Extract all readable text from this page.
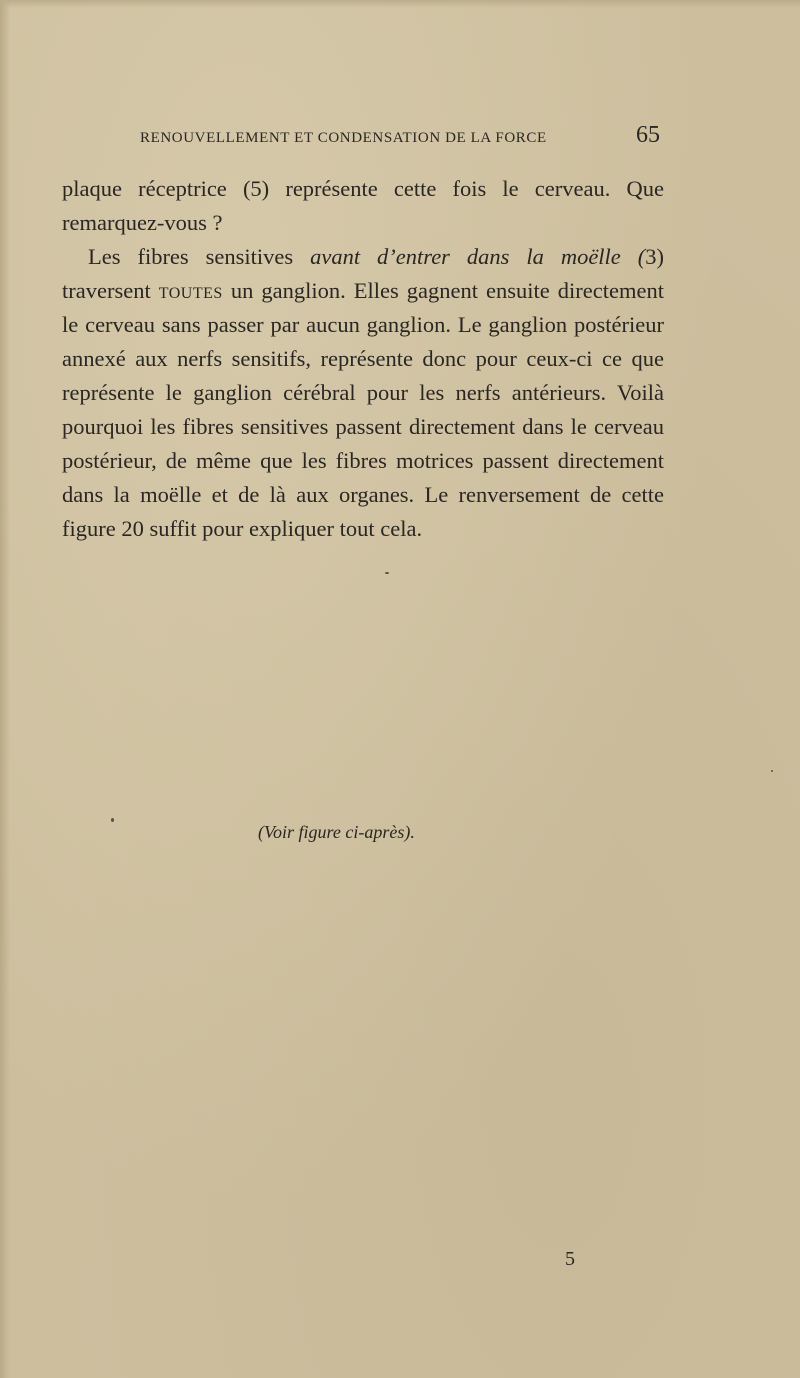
RENOUVELLEMENT ET CONDENSATION DE LA FORCE	65

plaque réceptrice (5) représente cette fois le cerveau. Que remarquez-vous ?

Les fibres sensitives avant d’entrer dans la moëlle (3) traversent toutes un ganglion. Elles gagnent ensuite directement le cerveau sans passer par aucun ganglion. Le ganglion postérieur annexé aux nerfs sensitifs, représente donc pour ceux-ci ce que représente le ganglion cérébral pour les nerfs antérieurs. Voilà pourquoi les fibres sensitives passent directement dans le cerveau postérieur, de même que les fibres motrices passent directement dans la moëlle et de là aux organes. Le renversement de cette figure 20 suffit pour expliquer tout cela.

(Voir figure ci-après).
5
